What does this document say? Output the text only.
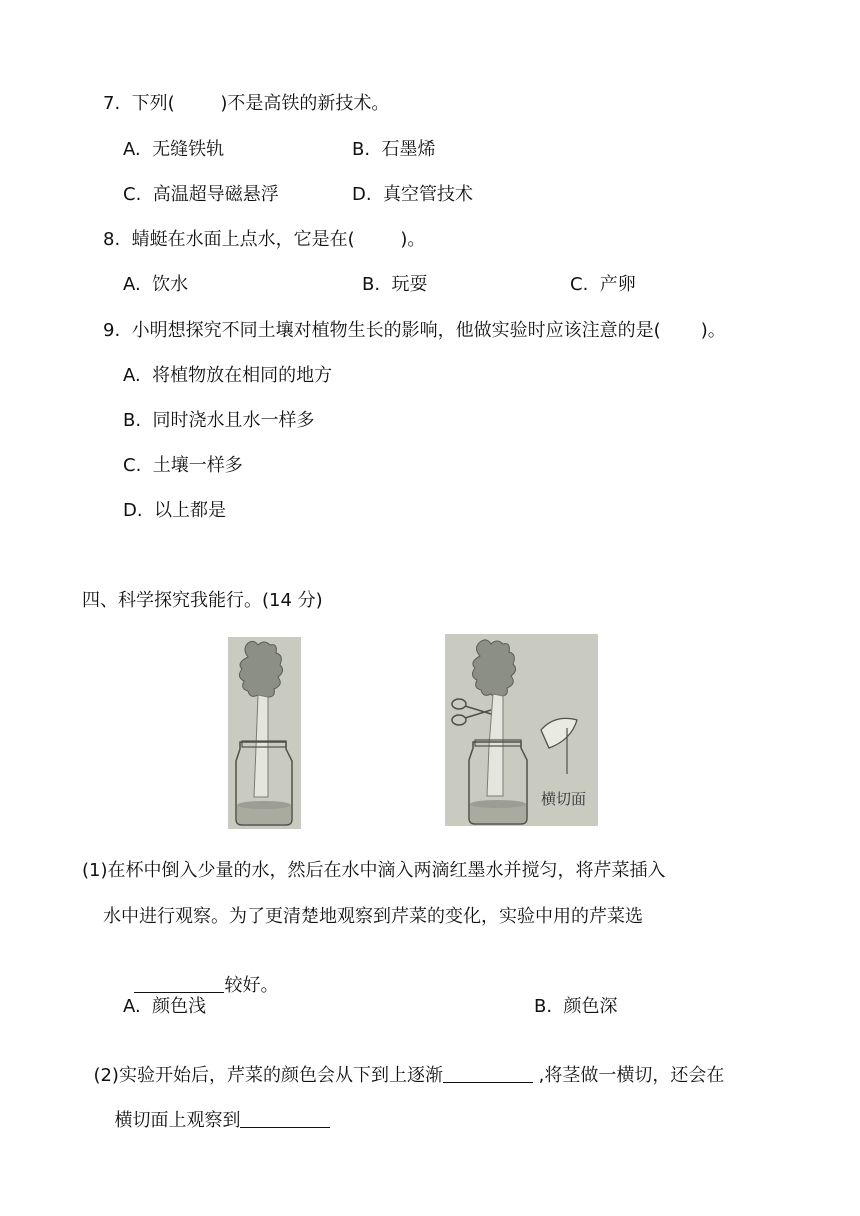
7.  下列(        )不是高铁的新技术。
A.  无缝铁轨	B.  石墨烯
C.  高温超导磁悬浮	D.  真空管技术
8.  蜻蜓在水面上点水，它是在(        )。
A.  饮水	B.  玩耍	C.  产卵
9.  小明想探究不同土壤对植物生长的影响，他做实验时应该注意的是(       )。
A.  将植物放在相同的地方
B.  同时浇水且水一样多
C.  土壤一样多
D.  以上都是
四、科学探究我能行。(14 分)
横切面
(1)在杯中倒入少量的水，然后在水中滴入两滴红墨水并搅匀，将芹菜插入
水中进行观察。为了更清楚地观察到芹菜的变化，实验中用的芹菜选

较好。

A.  颜色浅	B.  颜色深

(2)实验开始后，芹菜的颜色会从下到上逐渐	,将茎做一横切，还会在

横切面上观察到
